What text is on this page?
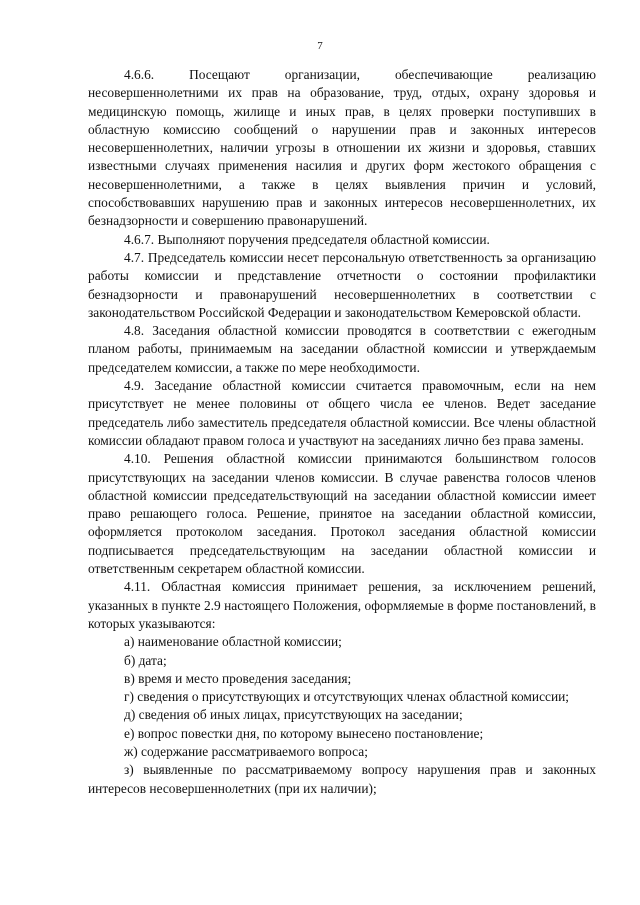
7

4.6.6. Посещают организации, обеспечивающие реализацию несовершеннолетними их прав на образование, труд, отдых, охрану здоровья и медицинскую помощь, жилище и иных прав, в целях проверки поступивших в областную комиссию сообщений о нарушении прав и законных интересов несовершеннолетних, наличии угрозы в отношении их жизни и здоровья, ставших известными случаях применения насилия и других форм жестокого обращения с несовершеннолетними, а также в целях выявления причин и условий, способствовавших нарушению прав и законных интересов несовершеннолетних, их безнадзорности и совершению правонарушений.

4.6.7. Выполняют поручения председателя областной комиссии.

4.7. Председатель комиссии несет персональную ответственность за организацию работы комиссии и представление отчетности о состоянии профилактики безнадзорности и правонарушений несовершеннолетних в соответствии с законодательством Российской Федерации и законодательством Кемеровской области.

4.8. Заседания областной комиссии проводятся в соответствии с ежегодным планом работы, принимаемым на заседании областной комиссии и утверждаемым председателем комиссии, а также по мере необходимости.

4.9. Заседание областной комиссии считается правомочным, если на нем присутствует не менее половины от общего числа ее членов. Ведет заседание председатель либо заместитель председателя областной комиссии. Все члены областной комиссии обладают правом голоса и участвуют на заседаниях лично без права замены.

4.10. Решения областной комиссии принимаются большинством голосов присутствующих на заседании членов комиссии. В случае равенства голосов членов областной комиссии председательствующий на заседании областной комиссии имеет право решающего голоса. Решение, принятое на заседании областной комиссии, оформляется протоколом заседания. Протокол заседания областной комиссии подписывается председательствующим на заседании областной комиссии и ответственным секретарем областной комиссии.

4.11. Областная комиссия принимает решения, за исключением решений, указанных в пункте 2.9 настоящего Положения, оформляемые в форме постановлений, в которых указываются:

а) наименование областной комиссии;

б) дата;

в) время и место проведения заседания;

г) сведения о присутствующих и отсутствующих членах областной комиссии;

д) сведения об иных лицах, присутствующих на заседании;

е) вопрос повестки дня, по которому вынесено постановление;

ж) содержание рассматриваемого вопроса;

з) выявленные по рассматриваемому вопросу нарушения прав и законных интересов несовершеннолетних (при их наличии);
